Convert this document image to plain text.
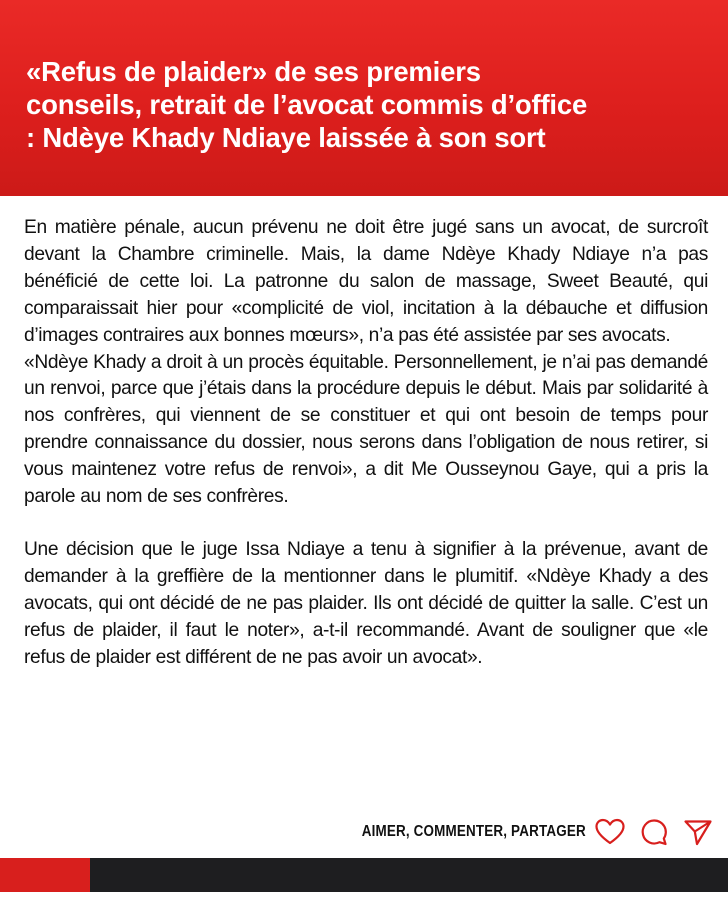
«Refus de plaider» de ses premiers
conseils, retrait de l’avocat commis d’office
: Ndèye Khady Ndiaye laissée à son sort

En matière pénale, aucun prévenu ne doit être jugé sans un avocat, de surcroît devant la Chambre criminelle. Mais, la dame Ndèye Khady Ndiaye n’a pas bénéficié de cette loi. La patronne du salon de massage, Sweet Beauté, qui comparaissait hier pour «complicité de viol, incitation à la débauche et diffusion d’images contraires aux bonnes mœurs», n’a pas été assistée par ses avocats.

«Ndèye Khady a droit à un procès équitable. Personnellement, je n’ai pas demandé un renvoi, parce que j’étais dans la procédure depuis le début. Mais par solidarité à nos confrères, qui viennent de se constituer et qui ont besoin de temps pour prendre connaissance du dossier, nous serons dans l’obligation de nous retirer, si vous maintenez votre refus de renvoi», a dit Me Ousseynou Gaye, qui a pris la parole au nom de ses confrères.

Une décision que le juge Issa Ndiaye a tenu à signifier à la prévenue, avant de demander à la greffière de la mentionner dans le plumitif. «Ndèye Khady a des avocats, qui ont décidé de ne pas plaider. Ils ont décidé de quitter la salle. C’est un refus de plaider, il faut le noter», a-t-il recommandé. Avant de souligner que «le refus de plaider est différent de ne pas avoir un avocat».

AIMER, COMMENTER, PARTAGER
